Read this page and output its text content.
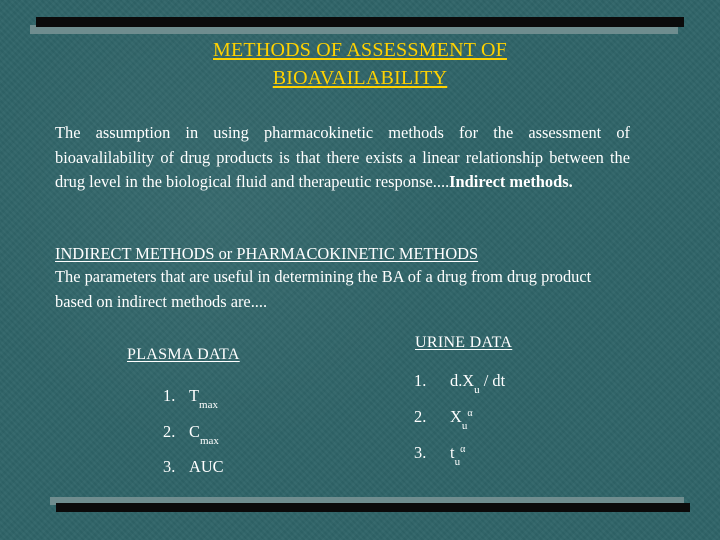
METHODS OF ASSESSMENT OF
BIOAVAILABILITY
The assumption in using pharmacokinetic methods for the assessment of bioavalilability of drug products is that there exists a linear relationship between the drug level in the biological fluid and therapeutic response....Indirect methods.
INDIRECT METHODS or PHARMACOKINETIC METHODS
The parameters that are useful in determining the BA of a drug from drug product based on indirect methods are....
PLASMA DATA
URINE DATA
1. $T_{max}$
2. $C_{max}$
3. AUC
1. $d.X_u$ / dt
2. $X_u^\alpha$
3. $t_u^\alpha$
